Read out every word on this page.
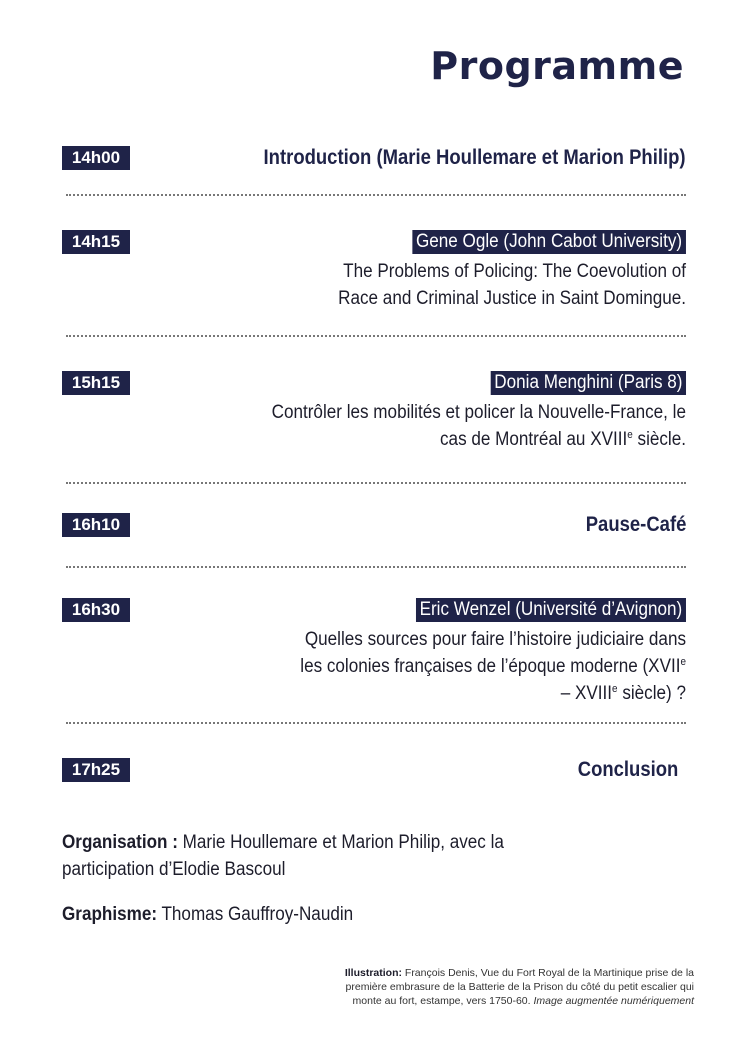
Programme
14h00	Introduction (Marie Houllemare et Marion Philip)
14h15	Gene Ogle (John Cabot University)
The Problems of Policing: The Coevolution of
Race and Criminal Justice in Saint Domingue.
15h15	Donia Menghini (Paris 8)
Contrôler les mobilités et policer la Nouvelle-France, le
cas de Montréal au XVIIIe siècle.
16h10	Pause-Café
16h30	Eric Wenzel (Université d’Avignon)
Quelles sources pour faire l’histoire judiciaire dans
les colonies françaises de l’époque moderne (XVIIe
– XVIIIe siècle) ?
17h25	Conclusion
Organisation : Marie Houllemare et Marion Philip, avec la
participation d’Elodie Bascoul
Graphisme: Thomas Gauffroy-Naudin
Illustration: François Denis, Vue du Fort Royal de la Martinique prise de la
première embrasure de la Batterie de la Prison du côté du petit escalier qui
monte au fort, estampe, vers 1750-60. Image augmentée numériquement
